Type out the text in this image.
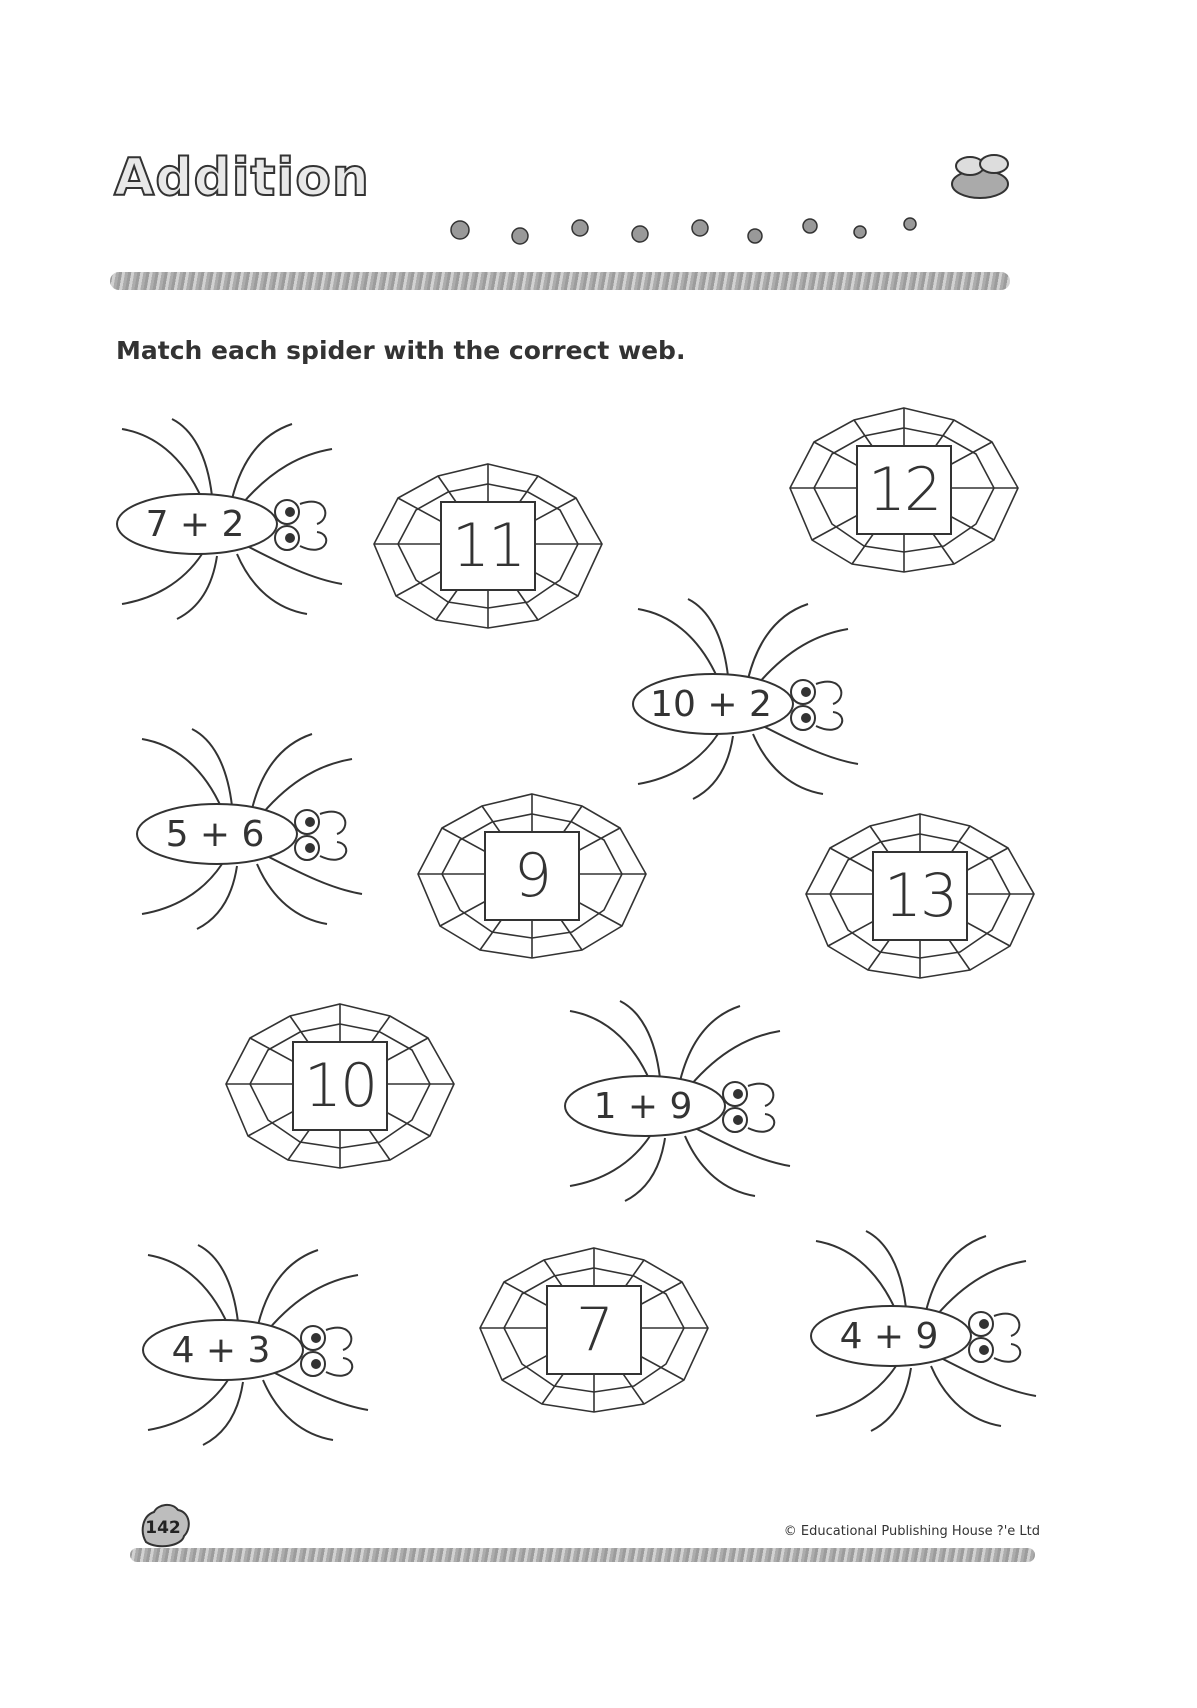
Addition

Match each spider with the correct web.

7 + 2
10 + 2
5 + 6
1 + 9
4 + 3	4 + 9
11
12
9	13
10
7
142	© Educational Publishing House ?'e Ltd
